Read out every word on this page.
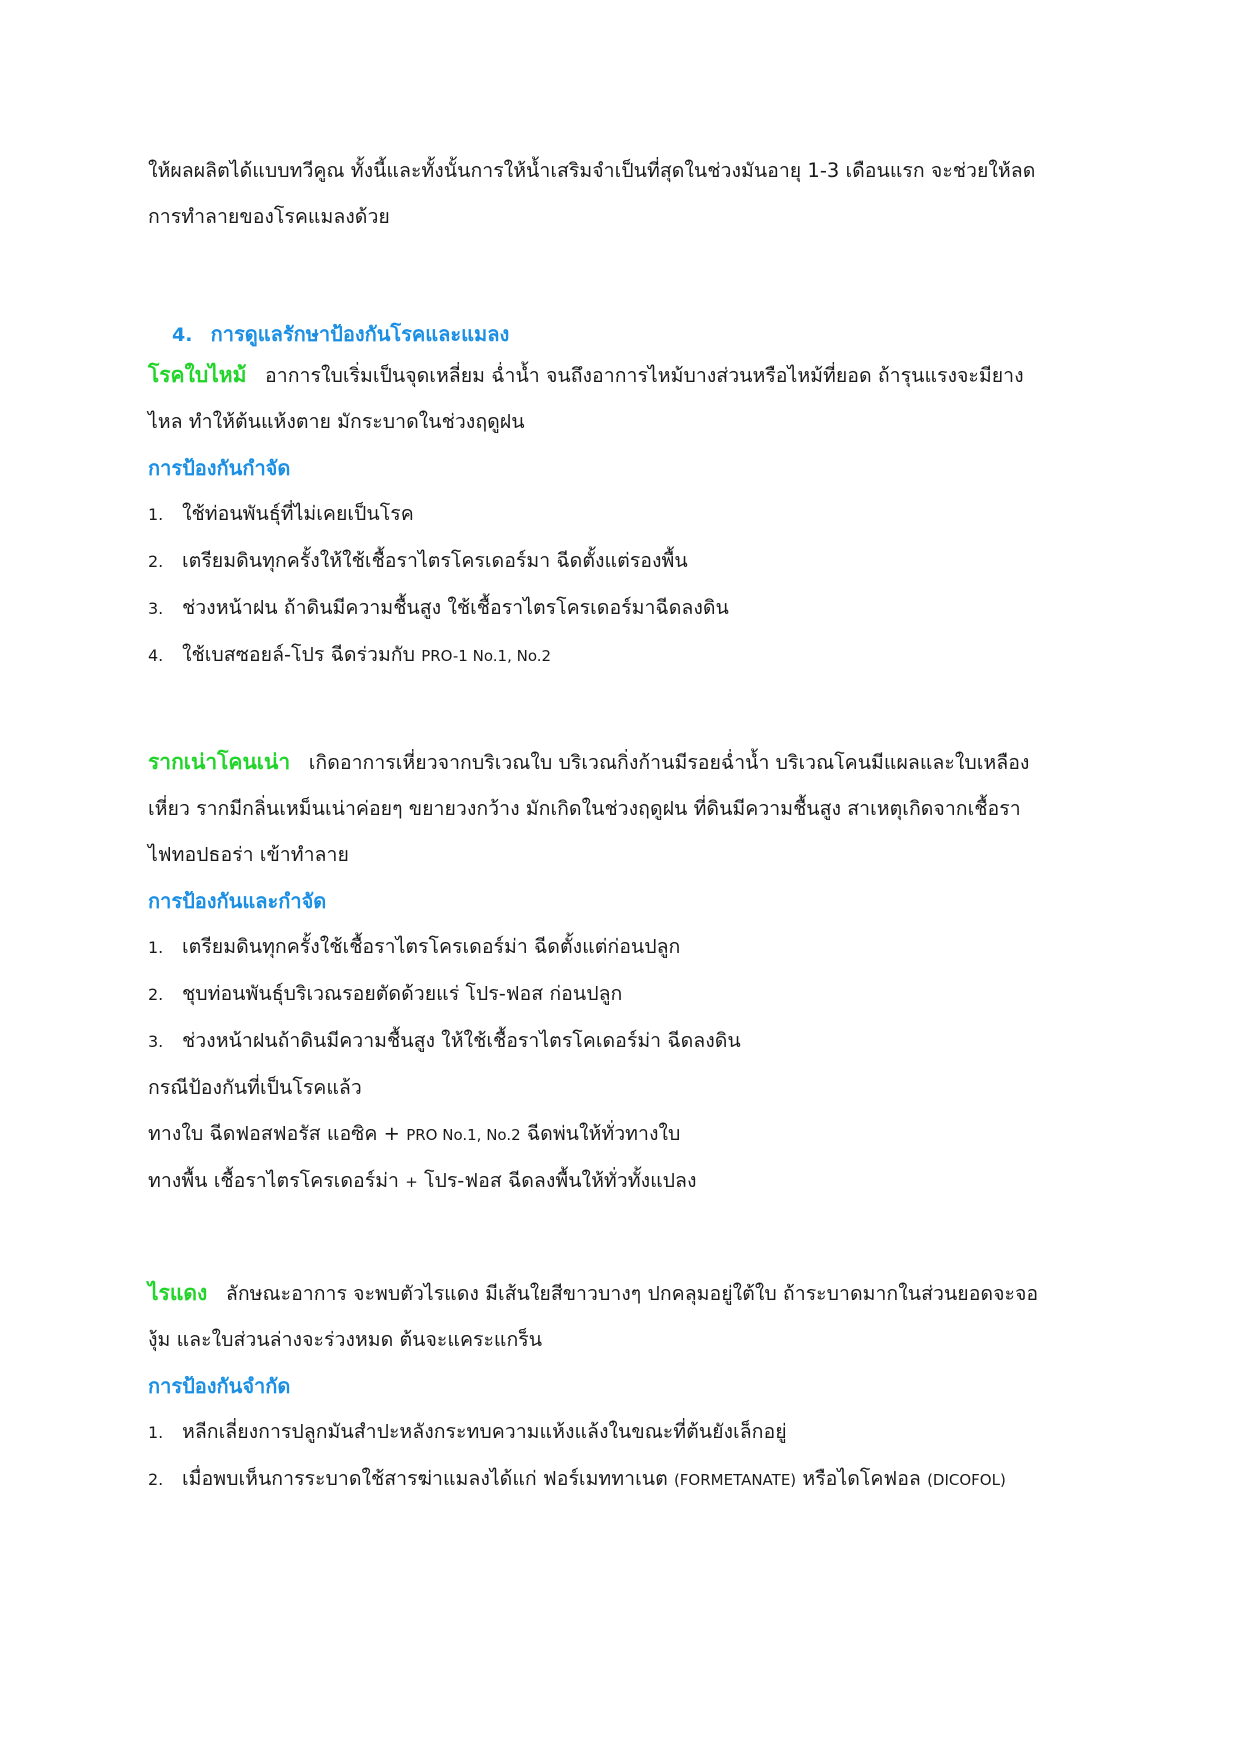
ให้ผลผลิตได้แบบทวีคูณ ทั้งนี้และทั้งนั้นการให้น้ำเสริมจำเป็นที่สุดในช่วงมันอายุ 1-3 เดือนแรก จะช่วยให้ลด
การทำลายของโรคแมลงด้วย
4. การดูแลรักษาป้องกันโรคและแมลง
โรคใบไหม้ อาการใบเริ่มเป็นจุดเหลี่ยม ฉ่ำน้ำ จนถึงอาการไหม้บางส่วนหรือไหม้ที่ยอด ถ้ารุนแรงจะมียาง
ไหล ทำให้ต้นแห้งตาย มักระบาดในช่วงฤดูฝน
การป้องกันกำจัด
1. ใช้ท่อนพันธุ์ที่ไม่เคยเป็นโรค
2. เตรียมดินทุกครั้งให้ใช้เชื้อราไตรโครเดอร์มา ฉีดตั้งแต่รองพื้น
3. ช่วงหน้าฝน ถ้าดินมีความชื้นสูง ใช้เชื้อราไตรโครเดอร์มาฉีดลงดิน
4. ใช้เบสซอยล์-โปร ฉีดร่วมกับ PRO-1 No.1, No.2
รากเน่าโคนเน่า เกิดอาการเหี่ยวจากบริเวณใบ บริเวณกิ่งก้านมีรอยฉ่ำน้ำ บริเวณโคนมีแผลและใบเหลือง
เหี่ยว รากมีกลิ่นเหม็นเน่าค่อยๆ ขยายวงกว้าง มักเกิดในช่วงฤดูฝน ที่ดินมีความชื้นสูง สาเหตุเกิดจากเชื้อรา
ไฟทอปธอร่า เข้าทำลาย
การป้องกันและกำจัด
1. เตรียมดินทุกครั้งใช้เชื้อราไตรโครเดอร์ม่า ฉีดตั้งแต่ก่อนปลูก
2. ชุบท่อนพันธุ์บริเวณรอยตัดด้วยแร่ โปร-ฟอส ก่อนปลูก
3. ช่วงหน้าฝนถ้าดินมีความชื้นสูง ให้ใช้เชื้อราไตรโคเดอร์ม่า ฉีดลงดิน
กรณีป้องกันที่เป็นโรคแล้ว
ทางใบ ฉีดฟอสฟอรัส แอซิค + PRO No.1, No.2 ฉีดพ่นให้ทั่วทางใบ
ทางพื้น เชื้อราไตรโครเดอร์ม่า + โปร-ฟอส ฉีดลงพื้นให้ทั่วทั้งแปลง
ไรแดง ลักษณะอาการ จะพบตัวไรแดง มีเส้นใยสีขาวบางๆ ปกคลุมอยู่ใต้ใบ ถ้าระบาดมากในส่วนยอดจะจอ
งุ้ม และใบส่วนล่างจะร่วงหมด ต้นจะแคระแกร็น
การป้องกันจำกัด
1. หลีกเลี่ยงการปลูกมันสำปะหลังกระทบความแห้งแล้งในขณะที่ต้นยังเล็กอยู่
2. เมื่อพบเห็นการระบาดใช้สารฆ่าแมลงได้แก่ ฟอร์เมททาเนต (FORMETANATE) หรือไดโคฟอล (DICOFOL)
